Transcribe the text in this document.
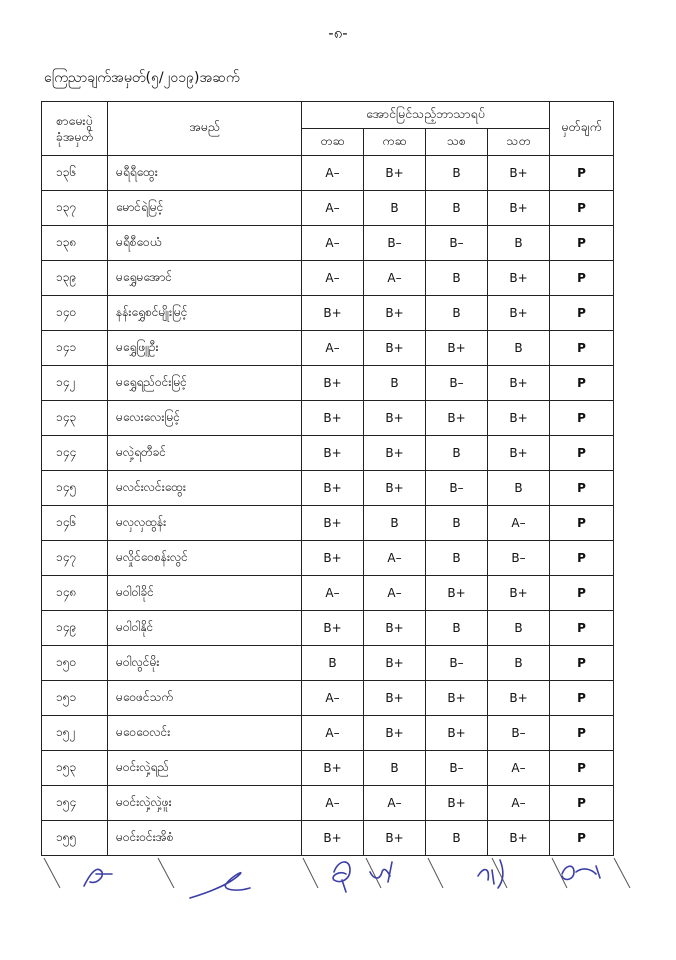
-၈-
ကြေညာချက်အမှတ်(၅/၂၀၁၉)အဆက်
စာမေးပွဲ
ခုံအမှတ်	အမည်	အောင်မြင်သည့်ဘာသာရပ်				မှတ်ချက်
		တဆ	ကဆ	သစ	သတ	
၁၃၆	မရီရီထွေး	A–	B+	B	B+	P
၁၃၇	မောင်ရဲမြင့်	A–	B	B	B+	P
၁၃၈	မရီစီဝေယံ	A–	B–	B–	B	P
၁၃၉	မရွှေမအောင်	A–	A–	B	B+	P
၁၄၀	နန်းရွှေစင်မျိုးမြင့်	B+	B+	B	B+	P
၁၄၁	မရွှေဖြူဦး	A–	B+	B+	B	P
၁၄၂	မရွှေရည်ဝင်းမြင့်	B+	B	B–	B+	P
၁၄၃	မလေးလေးမြင့်	B+	B+	B+	B+	P
၁၄၄	မလှဲ့ရတီခင်	B+	B+	B	B+	P
၁၄၅	မလင်းလင်းထွေး	B+	B+	B–	B	P
၁၄၆	မလှလှထွန်း	B+	B	B	A–	P
၁၄၇	မလှိုင်ဝေစန်းလွင်	B+	A–	B	B–	P
၁၄၈	မဝါဝါခိုင်	A–	A–	B+	B+	P
၁၄၉	မဝါဝါနိုင်	B+	B+	B	B	P
၁၅၀	မဝါလွင်မိုး	B	B+	B–	B	P
၁၅၁	မဝေဖင်သက်	A–	B+	B+	B+	P
၁၅၂	မဝေဝေလင်း	A–	B+	B+	B–	P
၁၅၃	မဝင်းလှဲ့ရည်	B+	B	B–	A–	P
၁၅၄	မဝင်းလှဲ့လှဲ့ဖူး	A–	A–	B+	A–	P
၁၅၅	မဝင်းဝင်းအိစံ	B+	B+	B	B+	P
